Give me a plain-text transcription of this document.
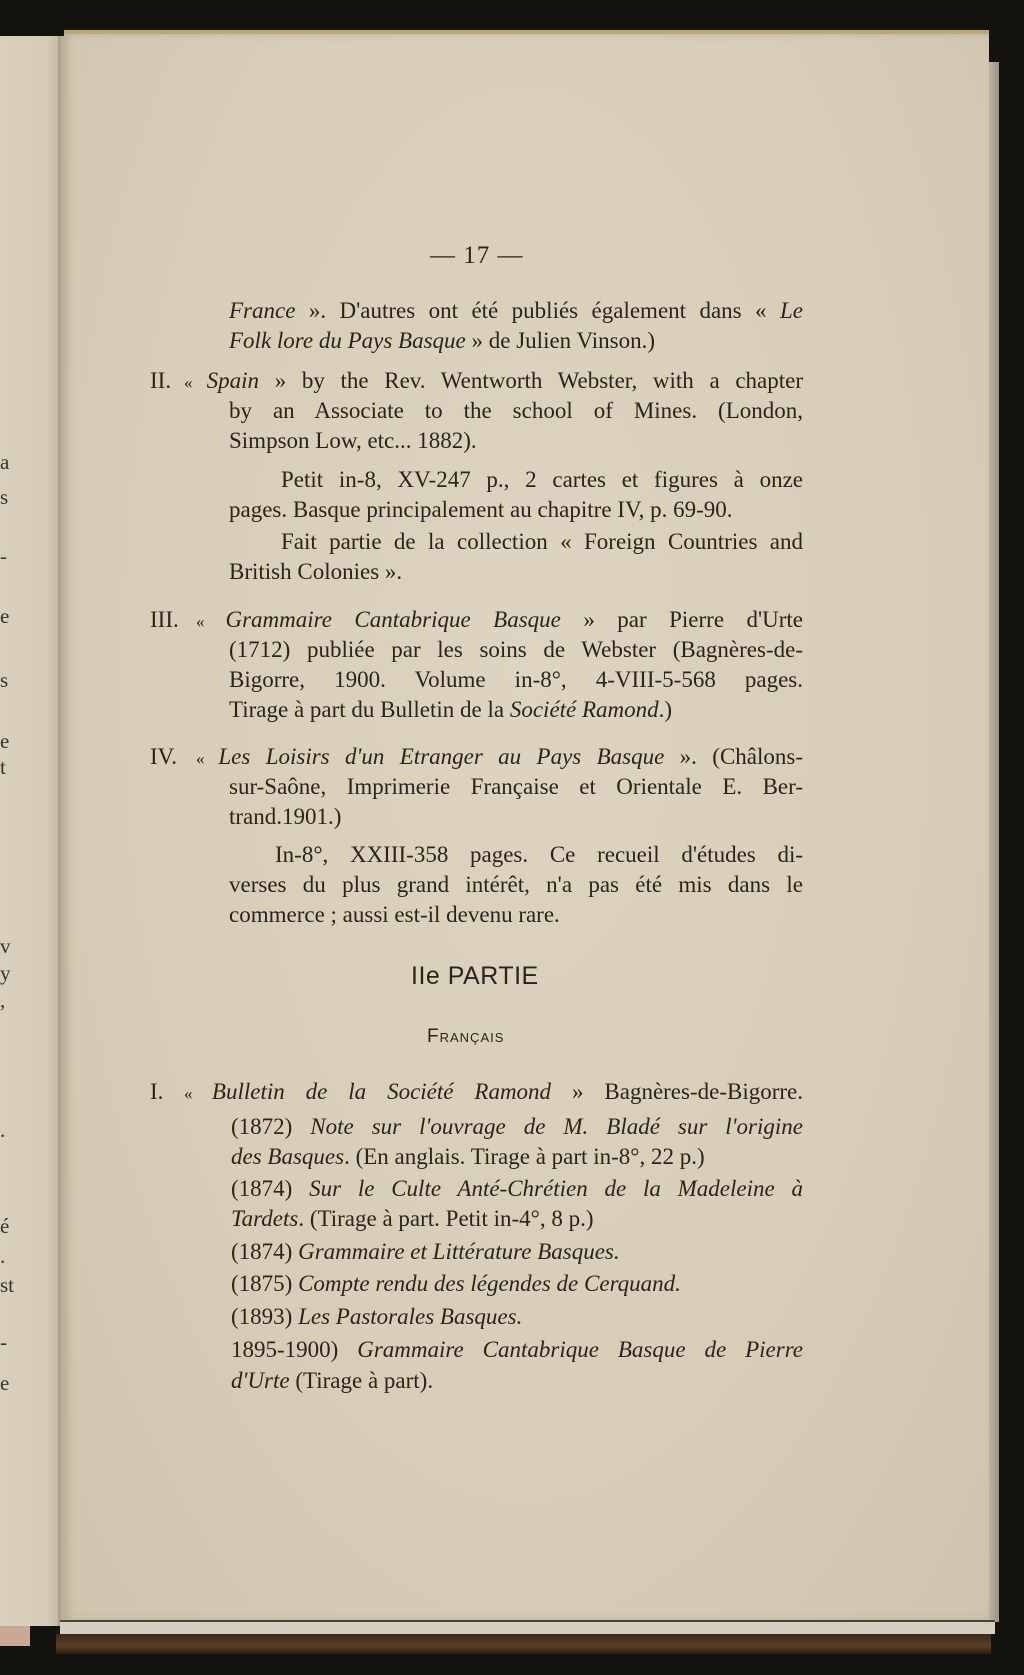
a
s
-
e
s
e
t
v
y
,
.
é
.
st
-
e
— 17 —
France ». D'autres ont été publiés également dans « Le
Folk lore du Pays Basque » de Julien Vinson.)
II. « Spain » by the Rev. Wentworth Webster, with a chapter
by an Associate to the school of Mines. (London,
Simpson Low, etc... 1882).
Petit in-8, XV-247 p., 2 cartes et figures à onze
pages. Basque principalement au chapitre IV, p. 69-90.
Fait partie de la collection « Foreign Countries and
British Colonies ».
III. « Grammaire Cantabrique Basque » par Pierre d'Urte
(1712) publiée par les soins de Webster (Bagnères-de-
Bigorre, 1900. Volume in-8°, 4-VIII-5-568 pages.
Tirage à part du Bulletin de la Société Ramond.)
IV. « Les Loisirs d'un Etranger au Pays Basque ». (Châlons-
sur-Saône, Imprimerie Française et Orientale E. Ber-
trand.1901.)
In-8°, XXIII-358 pages. Ce recueil d'études di-
verses du plus grand intérêt, n'a pas été mis dans le
commerce ; aussi est-il devenu rare.
IIe PARTIE
Français
I. « Bulletin de la Société Ramond » Bagnères-de-Bigorre.
(1872) Note sur l'ouvrage de M. Bladé sur l'origine
des Basques. (En anglais. Tirage à part in-8°, 22 p.)
(1874) Sur le Culte Anté-Chrétien de la Madeleine à
Tardets. (Tirage à part. Petit in-4°, 8 p.)
(1874) Grammaire et Littérature Basques.
(1875) Compte rendu des légendes de Cerquand.
(1893) Les Pastorales Basques.
1895-1900) Grammaire Cantabrique Basque de Pierre
d'Urte (Tirage à part).
